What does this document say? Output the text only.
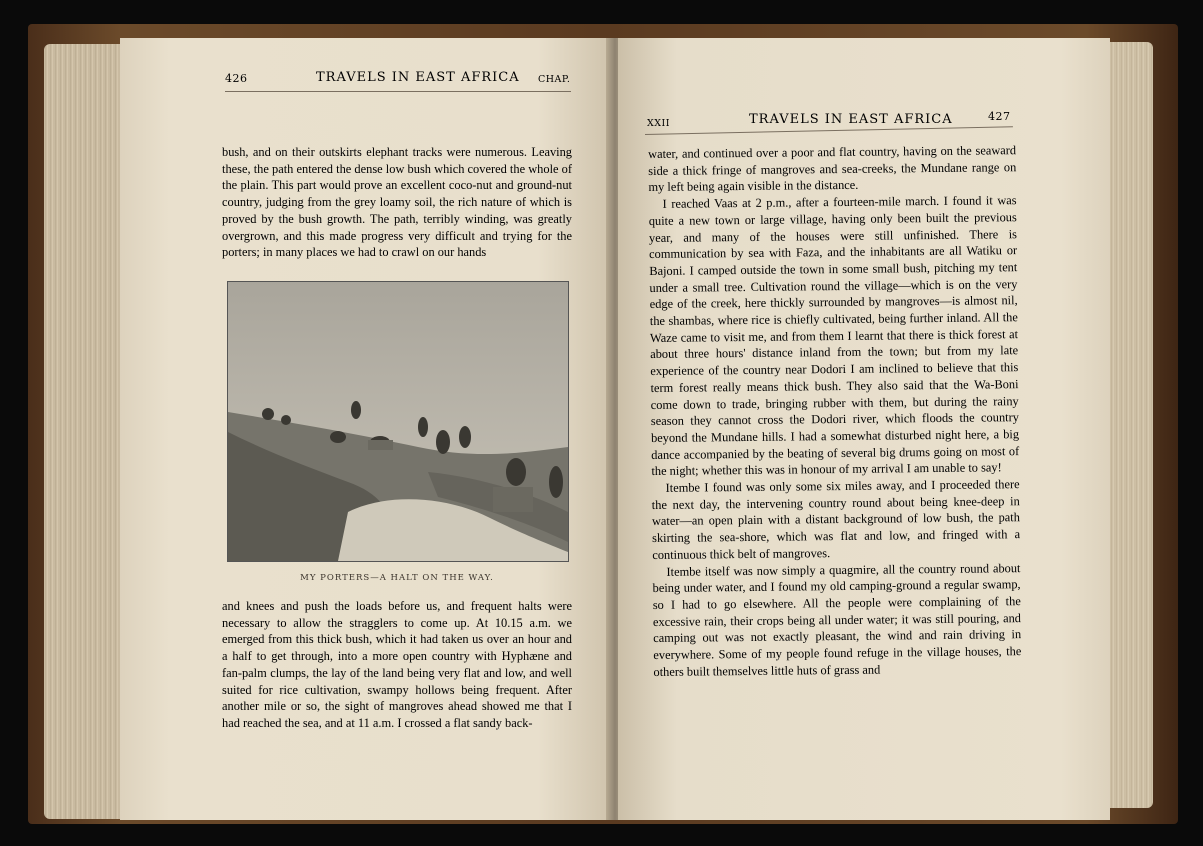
426	TRAVELS IN EAST AFRICA CHAP.

bush, and on their outskirts elephant tracks were numerous. Leaving these, the path entered the dense low bush which covered the whole of the plain. This part would prove an excellent coco-nut and ground-nut country, judging from the grey loamy soil, the rich nature of which is proved by the bush growth. The path, terribly winding, was greatly overgrown, and this made progress very difficult and trying for the porters; in many places we had to crawl on our hands

MY PORTERS—A HALT ON THE WAY.

and knees and push the loads before us, and frequent halts were necessary to allow the stragglers to come up. At 10.15 a.m. we emerged from this thick bush, which it had taken us over an hour and a half to get through, into a more open country with Hyphæne and fan-palm clumps, the lay of the land being very flat and low, and well suited for rice cultivation, swampy hollows being frequent. After another mile or so, the sight of mangroves ahead showed me that I had reached the sea, and at 11 a.m. I crossed a flat sandy back-

XXII	TRAVELS IN EAST AFRICA	427

water, and continued over a poor and flat country, having on the seaward side a thick fringe of mangroves and sea-creeks, the Mundane range on my left being again visible in the distance.

I reached Vaas at 2 p.m., after a fourteen-mile march. I found it was quite a new town or large village, having only been built the previous year, and many of the houses were still unfinished. There is communication by sea with Faza, and the inhabitants are all Watiku or Bajoni. I camped outside the town in some small bush, pitching my tent under a small tree. Cultivation round the village—which is on the very edge of the creek, here thickly surrounded by mangroves—is almost nil, the shambas, where rice is chiefly cultivated, being further inland. All the Waze came to visit me, and from them I learnt that there is thick forest at about three hours' distance inland from the town; but from my late experience of the country near Dodori I am inclined to believe that this term forest really means thick bush. They also said that the Wa-Boni come down to trade, bringing rubber with them, but during the rainy season they cannot cross the Dodori river, which floods the country beyond the Mundane hills. I had a somewhat disturbed night here, a big dance accompanied by the beating of several big drums going on most of the night; whether this was in honour of my arrival I am unable to say!

Itembe I found was only some six miles away, and I proceeded there the next day, the intervening country round about being knee-deep in water—an open plain with a distant background of low bush, the path skirting the sea-shore, which was flat and low, and fringed with a continuous thick belt of mangroves.

Itembe itself was now simply a quagmire, all the country round about being under water, and I found my old camping-ground a regular swamp, so I had to go elsewhere. All the people were complaining of the excessive rain, their crops being all under water; it was still pouring, and camping out was not exactly pleasant, the wind and rain driving in everywhere. Some of my people found refuge in the village houses, the others built themselves little huts of grass and
